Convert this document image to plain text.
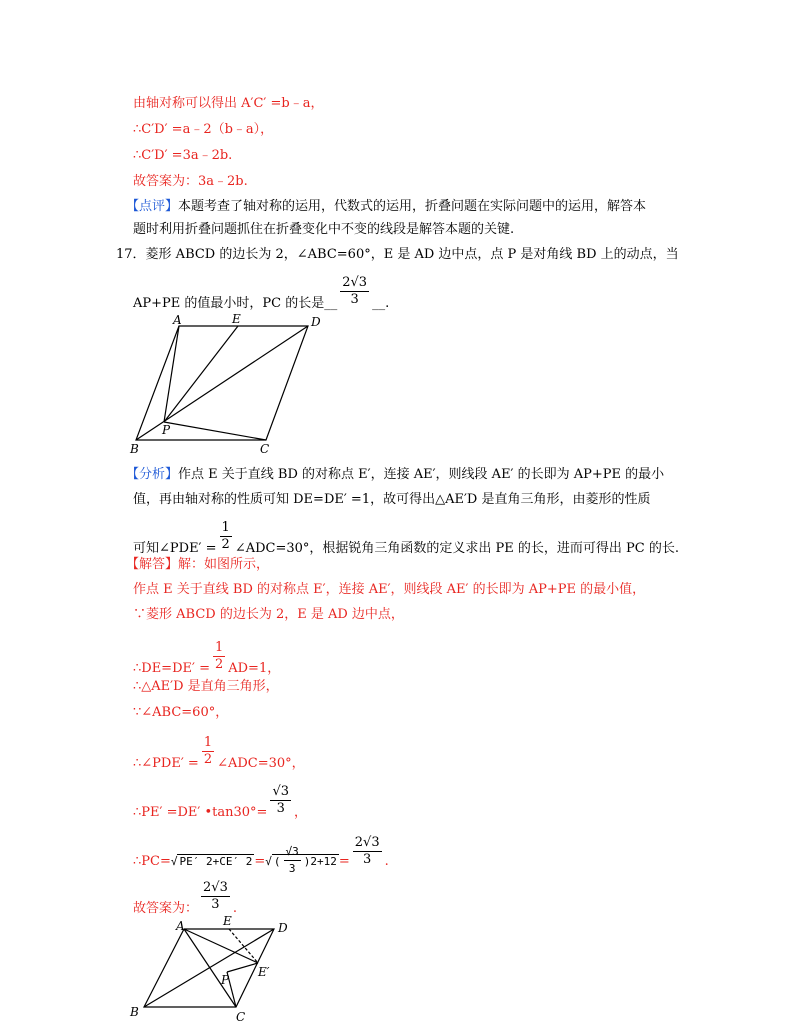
由轴对称可以得出 A′C′ =b﹣a，
∴C′D′ =a﹣2（b﹣a），
∴C′D′ =3a﹣2b.
故答案为：3a﹣2b.
【点评】本题考查了轴对称的运用，代数式的运用，折叠问题在实际问题中的运用，解答本
题时利用折叠问题抓住在折叠变化中不变的线段是解答本题的关键.
17．菱形 ABCD 的边长为 2，∠ABC=60°，E 是 AD 边中点，点 P 是对角线 BD 上的动点，当
AP+PE 的值最小时，PC 的长是__ $\frac{2√3}{3}$ __.
A	E	D
P
B	C
【分析】作点 E 关于直线 BD 的对称点 E′，连接 AE′，则线段 AE′ 的长即为 AP+PE 的最小
值，再由轴对称的性质可知 DE=DE′ =1，故可得出△AE′D 是直角三角形，由菱形的性质
可知∠PDE′ = $\frac{1}{2}$ ∠ADC=30°，根据锐角三角函数的定义求出 PE 的长，进而可得出 PC 的长.
【解答】解：如图所示，
作点 E 关于直线 BD 的对称点 E′，连接 AE′，则线段 AE′ 的长即为 AP+PE 的最小值，
∵菱形 ABCD 的边长为 2，E 是 AD 边中点，
∴DE=DE′ = $\frac{1}{2} AD=1$，
∴△AE′D 是直角三角形，
∵∠ABC=60°，
∴∠PDE′ = $\frac{1}{2}$ ∠ADC=30°，
∴PE′ =DE′ •tan30°= $\frac{√3}{3}$ ，
∴PC=√ PE′ 2+CE′ 2 =√ ( $\frac{√3}{3} )2+12 = \frac{2√3}{3}$ .
故答案为： $\frac{2√3}{3}$ .
A	E	D
P
E′
B	C
